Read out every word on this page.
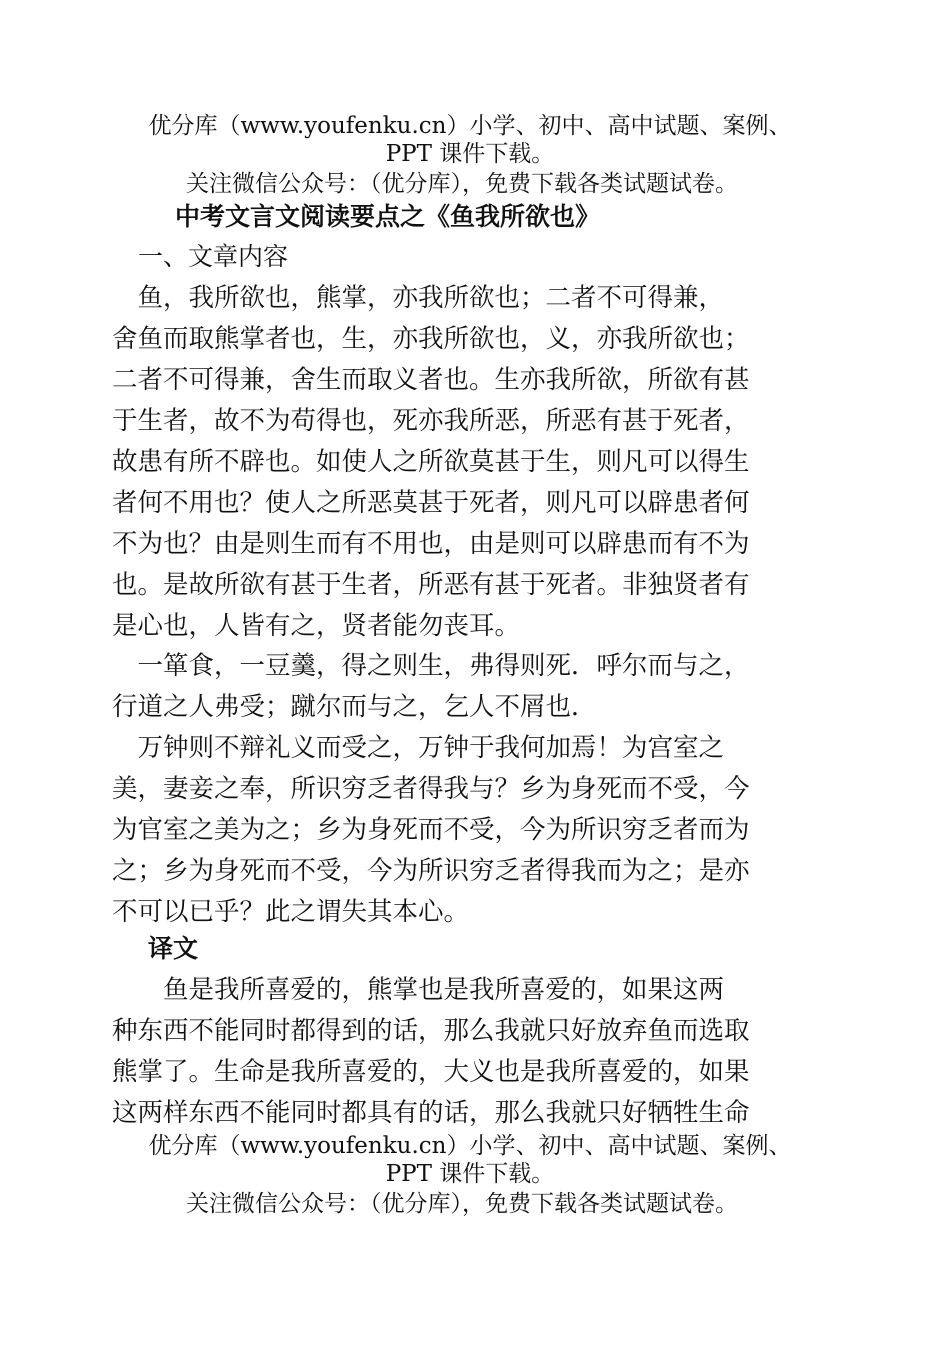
优分库（www.youfenku.cn）小学、初中、高中试题、案例、
PPT 课件下载。
关注微信公众号：（优分库），免费下载各类试题试卷。
中考文言文阅读要点之《鱼我所欲也》
一、文章内容
　鱼，我所欲也，熊掌，亦我所欲也；二者不可得兼，
舍鱼而取熊掌者也，生，亦我所欲也，义，亦我所欲也；
二者不可得兼，舍生而取义者也。生亦我所欲，所欲有甚
于生者，故不为苟得也，死亦我所恶，所恶有甚于死者，
故患有所不辟也。如使人之所欲莫甚于生，则凡可以得生
者何不用也？使人之所恶莫甚于死者，则凡可以辟患者何
不为也？由是则生而有不用也，由是则可以辟患而有不为
也。是故所欲有甚于生者，所恶有甚于死者。非独贤者有
是心也，人皆有之，贤者能勿丧耳。
　一箪食，一豆羹，得之则生，弗得则死．呼尔而与之，
行道之人弗受；蹴尔而与之，乞人不屑也．
　万钟则不辩礼义而受之，万钟于我何加焉！为宫室之
美，妻妾之奉，所识穷乏者得我与？乡为身死而不受，今
为官室之美为之；乡为身死而不受，今为所识穷乏者而为
之；乡为身死而不受，今为所识穷乏者得我而为之；是亦
不可以已乎？此之谓失其本心。
译文
　　鱼是我所喜爱的，熊掌也是我所喜爱的，如果这两
种东西不能同时都得到的话，那么我就只好放弃鱼而选取
熊掌了。生命是我所喜爱的，大义也是我所喜爱的，如果
这两样东西不能同时都具有的话，那么我就只好牺牲生命
优分库（www.youfenku.cn）小学、初中、高中试题、案例、
PPT 课件下载。
关注微信公众号：（优分库），免费下载各类试题试卷。
